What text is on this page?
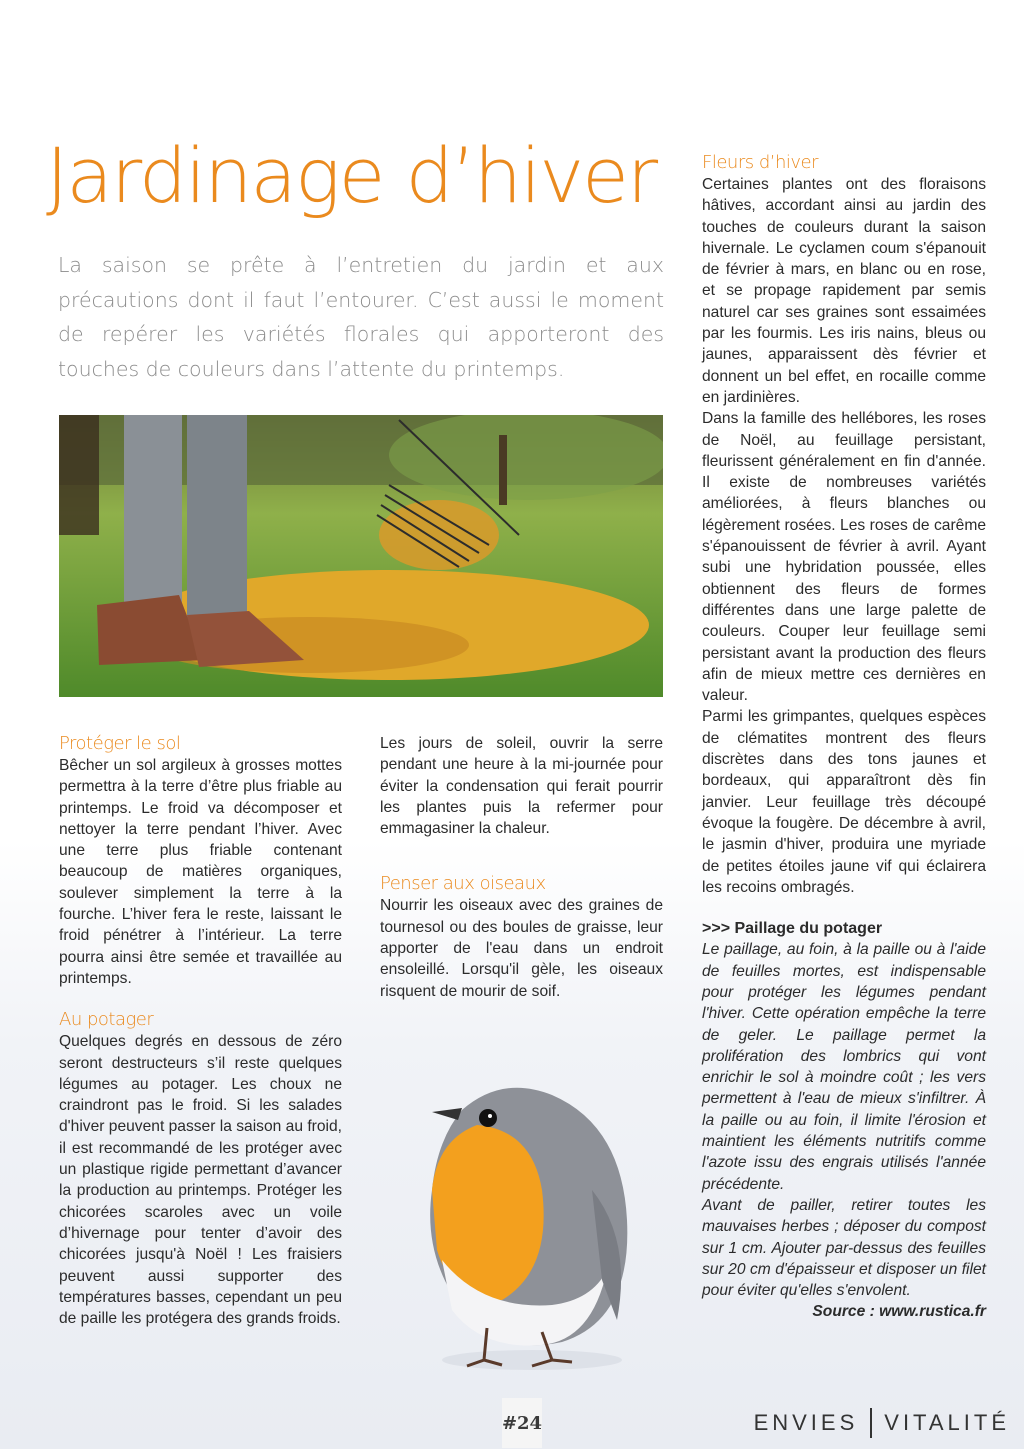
Jardinage d’hiver

La saison se prête à l’entretien du jardin et aux précautions dont il faut l’entourer. C’est aussi le moment de repérer les variétés florales qui apporteront des touches de couleurs dans l’attente du printemps.

Protéger le sol

Bêcher un sol argileux à grosses mottes permettra à la terre d’être plus friable au printemps. Le froid va décomposer et nettoyer la terre pendant l’hiver. Avec une terre plus friable contenant beaucoup de matières organiques, soulever simplement la terre à la fourche. L’hiver fera le reste, laissant le froid pénétrer à l’intérieur. La terre pourra ainsi être semée et travaillée au printemps.

Au potager

Quelques degrés en dessous de zéro seront destructeurs s’il reste quelques légumes au potager. Les choux ne craindront pas le froid. Si les salades d'hiver peuvent passer la saison au froid, il est recommandé de les protéger avec un plastique rigide permettant d’avancer la production au printemps. Protéger les chicorées scaroles avec un voile d’hivernage pour tenter d’avoir des chicorées jusqu'à Noël ! Les fraisiers peuvent aussi supporter des températures basses, cependant un peu de paille les protégera des grands froids.

Les jours de soleil, ouvrir la serre pendant une heure à la mi-journée pour éviter la condensation qui ferait pourrir les plantes puis la refermer pour emmagasiner la chaleur.

Penser aux oiseaux

Nourrir les oiseaux avec des graines de tournesol ou des boules de graisse, leur apporter de l'eau dans un endroit ensoleillé. Lorsqu'il gèle, les oiseaux risquent de mourir de soif.

Fleurs d’hiver

Certaines plantes ont des floraisons hâtives, accordant ainsi au jardin des touches de couleurs durant la saison hivernale. Le cyclamen coum s'épanouit de février à mars, en blanc ou en rose, et se propage rapidement par semis naturel car ses graines sont essaimées par les fourmis. Les iris nains, bleus ou jaunes, apparaissent dès février et donnent un bel effet, en rocaille comme en jardinières.

Dans la famille des hellébores, les roses de Noël, au feuillage persistant, fleurissent généralement en fin d'année. Il existe de nombreuses variétés améliorées, à fleurs blanches ou légèrement rosées. Les roses de carême s'épanouissent de février à avril. Ayant subi une hybridation poussée, elles obtiennent des fleurs de formes différentes dans une large palette de couleurs. Couper leur feuillage semi persistant avant la production des fleurs afin de mieux mettre ces dernières en valeur.

Parmi les grimpantes, quelques espèces de clématites montrent des fleurs discrètes dans des tons jaunes et bordeaux, qui apparaîtront dès fin janvier. Leur feuillage très découpé évoque la fougère. De décembre à avril, le jasmin d'hiver, produira une myriade de petites étoiles jaune vif qui éclairera les recoins ombragés.

>>> Paillage du potager

Le paillage, au foin, à la paille ou à l'aide de feuilles mortes, est indispensable pour protéger les légumes pendant l'hiver. Cette opération empêche la terre de geler. Le paillage permet la prolifération des lombrics qui vont enrichir le sol à moindre coût ; les vers permettent à l'eau de mieux s'infiltrer. À la paille ou au foin, il limite l'érosion et maintient les éléments nutritifs comme l'azote issu des engrais utilisés l'année précédente.

Avant de pailler, retirer toutes les mauvaises herbes ; déposer du compost sur 1 cm. Ajouter par-dessus des feuilles sur 20 cm d'épaisseur et disposer un filet pour éviter qu'elles s'envolent.

Source : www.rustica.fr

#24	ENVIES VITALITÉ
